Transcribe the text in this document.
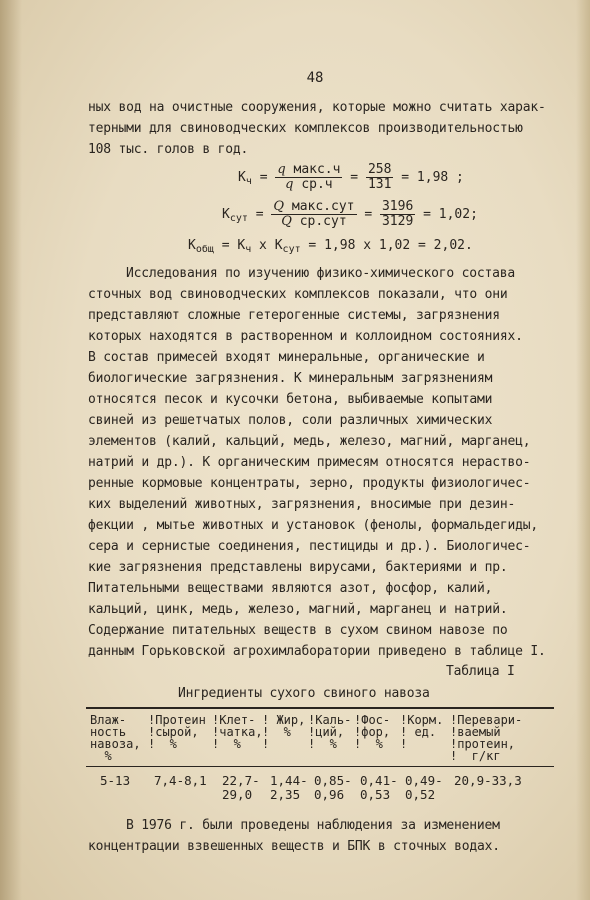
48
ных вод на очистные сооружения, которые можно считать харак-
терными для свиноводческих комплексов производительностью
108 тыс. голов в год.
$К_ч = \frac{\text{q макс.ч}}{\text{q ср.ч}} = \frac{258}{131} = 1,98$ ;
$К_{сут} = \frac{\text{Q макс.сут}}{\text{Q ср.сут}} = \frac{3196}{3129} = 1,02$;
$К_{общ} = К_ч$ х $К_{сут} = 1,98$ х 1,02 = 2,02.
Исследования по изучению физико-химического состава
сточных вод свиноводческих комплексов показали, что они
представляют сложные гетерогенные системы, загрязнения
которых находятся в растворенном и коллоидном состояниях.
В состав примесей входят минеральные, органические и
биологические загрязнения. К минеральным загрязнениям
относятся песок и кусочки бетона, выбиваемые копытами
свиней из решетчатых полов, соли различных химических
элементов (калий, кальций, медь, железо, магний, марганец,
натрий и др.). К органическим примесям относятся нераство-
ренные кормовые концентраты, зерно, продукты физиологичес-
ких выделений животных, загрязнения, вносимые при дезин-
фекции , мытье животных и установок (фенолы, формальдегиды,
сера и сернистые соединения, пестициды и др.). Биологичес-
кие загрязнения представлены вирусами, бактериями и пр.
Питательными веществами являются азот, фосфор, калий,
кальций, цинк, медь, железо, магний, марганец и натрий.
Содержание питательных веществ в сухом свином навозе по
данным Горьковской агрохимлаборатории приведено в таблице I.
Таблица I
Ингредиенты сухого свиного навоза
Влаж-
ность
навоза,
%
!Протеин
!сырой,
!  %
!Клет-
!чатка,
!  %
! Жир,
!  %
!
!Каль-
!ций,
!  %
!Фос-
!фор,
!  %
!Корм.
! ед.
!
!Перевари-
!ваемый
!протеин,
!  г/кг
5-13 7,4-8,1 22,7-
29,0
1,44-
2,35
0,85-
0,96
0,41-
0,53
0,49-
0,52
20,9-33,3
В 1976 г. были проведены наблюдения за изменением
концентрации взвешенных веществ и БПК в сточных водах.
